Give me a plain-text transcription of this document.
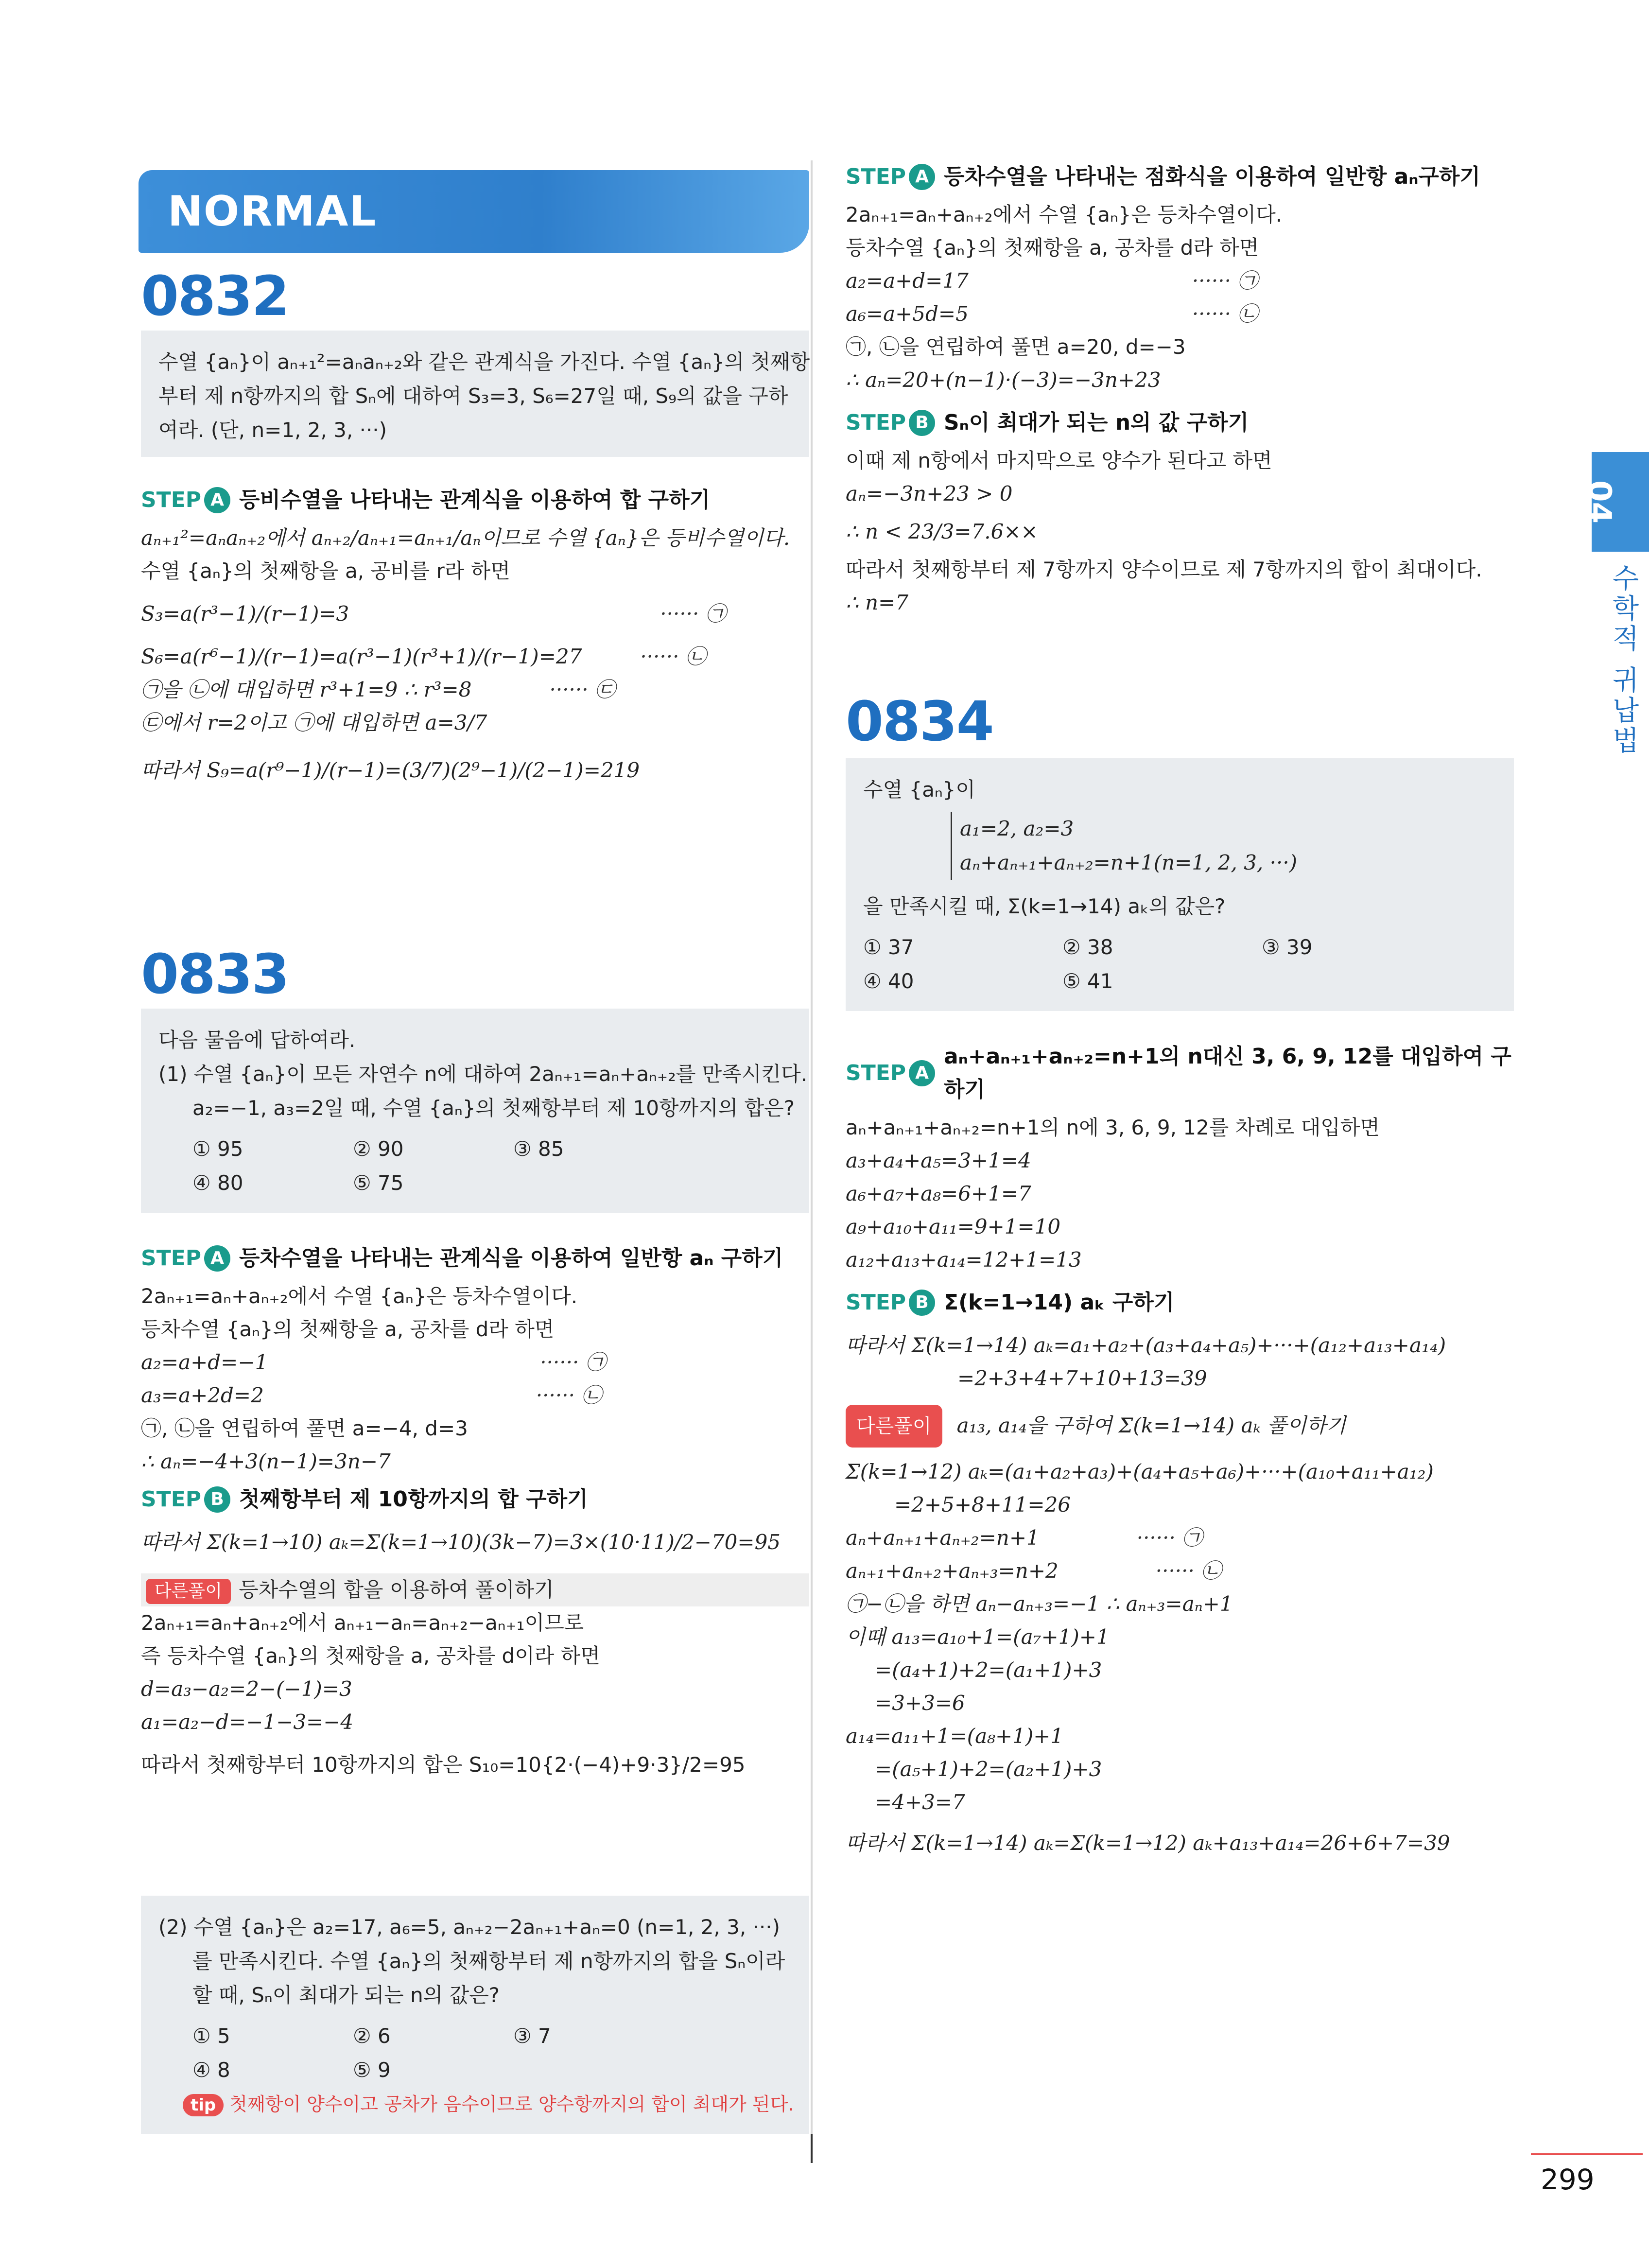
NORMAL
0832
수열 {aₙ}이 aₙ₊₁²=aₙaₙ₊₂와 같은 관계식을 가진다. 수열 {aₙ}의 첫째항
부터 제 n항까지의 합 Sₙ에 대하여 S₃=3, S₆=27일 때, S₉의 값을 구하
여라. (단, n=1, 2, 3, ···)
STEP A 등비수열을 나타내는 관계식을 이용하여 합 구하기
aₙ₊₁²=aₙaₙ₊₂에서 aₙ₊₂/aₙ₊₁=aₙ₊₁/aₙ이므로 수열 {aₙ}은 등비수열이다.
수열 {aₙ}의 첫째항을 a, 공비를 r라 하면
S₃=a(r³−1)/(r−1)=3	······ ㉠
S₆=a(r⁶−1)/(r−1)=a(r³−1)(r³+1)/(r−1)=27	······ ㉡
㉠을 ㉡에 대입하면 r³+1=9 ∴ r³=8	······ ㉢
㉢에서 r=2이고 ㉠에 대입하면 a=3/7
따라서 S₉=a(r⁹−1)/(r−1)=(3/7)(2⁹−1)/(2−1)=219
0833
다음 물음에 답하여라.
(1) 수열 {aₙ}이 모든 자연수 n에 대하여 2aₙ₊₁=aₙ+aₙ₊₂를 만족시킨다.
a₂=−1, a₃=2일 때, 수열 {aₙ}의 첫째항부터 제 10항까지의 합은?
① 95	② 90	③ 85
④ 80	⑤ 75
STEP A 등차수열을 나타내는 관계식을 이용하여 일반항 aₙ 구하기
2aₙ₊₁=aₙ+aₙ₊₂에서 수열 {aₙ}은 등차수열이다.
등차수열 {aₙ}의 첫째항을 a, 공차를 d라 하면
a₂=a+d=−1	······ ㉠
a₃=a+2d=2	······ ㉡
㉠, ㉡을 연립하여 풀면 a=−4, d=3
∴ aₙ=−4+3(n−1)=3n−7
STEP B 첫째항부터 제 10항까지의 합 구하기
따라서 Σ(k=1→10) aₖ=Σ(k=1→10)(3k−7)=3×(10·11)/2−70=95
다른풀이 등차수열의 합을 이용하여 풀이하기
2aₙ₊₁=aₙ+aₙ₊₂에서 aₙ₊₁−aₙ=aₙ₊₂−aₙ₊₁이므로
즉 등차수열 {aₙ}의 첫째항을 a, 공차를 d이라 하면
d=a₃−a₂=2−(−1)=3
a₁=a₂−d=−1−3=−4
따라서 첫째항부터 10항까지의 합은 S₁₀=10{2·(−4)+9·3}/2=95
(2) 수열 {aₙ}은 a₂=17, a₆=5, aₙ₊₂−2aₙ₊₁+aₙ=0 (n=1, 2, 3, ···)
를 만족시킨다. 수열 {aₙ}의 첫째항부터 제 n항까지의 합을 Sₙ이라
할 때, Sₙ이 최대가 되는 n의 값은?
① 5	② 6	③ 7
④ 8	⑤ 9
tip 첫째항이 양수이고 공차가 음수이므로 양수항까지의 합이 최대가 된다.
STEP A 등차수열을 나타내는 점화식을 이용하여 일반항 aₙ구하기
2aₙ₊₁=aₙ+aₙ₊₂에서 수열 {aₙ}은 등차수열이다.
등차수열 {aₙ}의 첫째항을 a, 공차를 d라 하면
a₂=a+d=17	······ ㉠
a₆=a+5d=5	······ ㉡
㉠, ㉡을 연립하여 풀면 a=20, d=−3
∴ aₙ=20+(n−1)·(−3)=−3n+23
STEP B Sₙ이 최대가 되는 n의 값 구하기
이때 제 n항에서 마지막으로 양수가 된다고 하면
aₙ=−3n+23 > 0
∴ n < 23/3=7.6××
따라서 첫째항부터 제 7항까지 양수이므로 제 7항까지의 합이 최대이다.
∴ n=7
0834
수열 {aₙ}이
a₁=2, a₂=3
aₙ+aₙ₊₁+aₙ₊₂=n+1(n=1, 2, 3, ···)
을 만족시킬 때, Σ(k=1→14) aₖ의 값은?
① 37	② 38	③ 39
④ 40	⑤ 41
STEP A
aₙ+aₙ₊₁+aₙ₊₂=n+1의 n대신 3, 6, 9, 12를 대입하여 구하기
aₙ+aₙ₊₁+aₙ₊₂=n+1의 n에 3, 6, 9, 12를 차례로 대입하면
a₃+a₄+a₅=3+1=4
a₆+a₇+a₈=6+1=7
a₉+a₁₀+a₁₁=9+1=10
a₁₂+a₁₃+a₁₄=12+1=13
STEP B Σ(k=1→14) aₖ 구하기
따라서 Σ(k=1→14) aₖ=a₁+a₂+(a₃+a₄+a₅)+···+(a₁₂+a₁₃+a₁₄)
=2+3+4+7+10+13=39
다른풀이 a₁₃, a₁₄을 구하여 Σ(k=1→14) aₖ 풀이하기
Σ(k=1→12) aₖ=(a₁+a₂+a₃)+(a₄+a₅+a₆)+···+(a₁₀+a₁₁+a₁₂)
=2+5+8+11=26
aₙ+aₙ₊₁+aₙ₊₂=n+1	······ ㉠
aₙ₊₁+aₙ₊₂+aₙ₊₃=n+2	······ ㉡
㉠−㉡을 하면 aₙ−aₙ₊₃=−1 ∴ aₙ₊₃=aₙ+1
이때 a₁₃=a₁₀+1=(a₇+1)+1
=(a₄+1)+2=(a₁+1)+3
=3+3=6
a₁₄=a₁₁+1=(a₈+1)+1
=(a₅+1)+2=(a₂+1)+3
=4+3=7
따라서 Σ(k=1→14) aₖ=Σ(k=1→12) aₖ+a₁₃+a₁₄=26+6+7=39
04
수학적 귀납법
299
